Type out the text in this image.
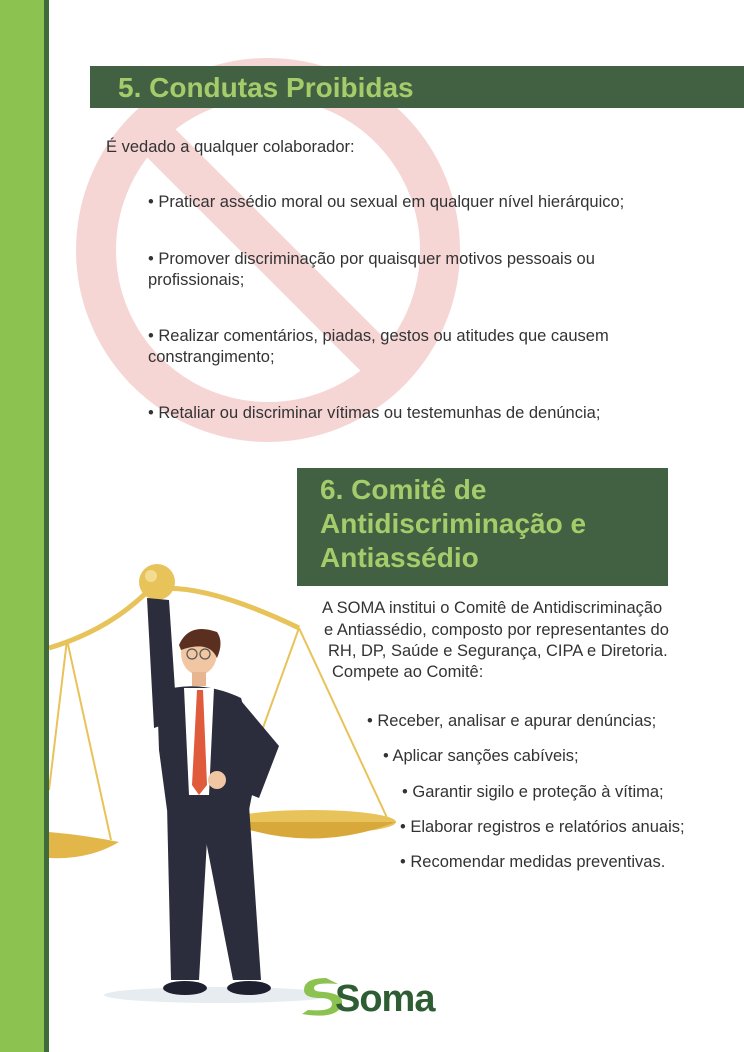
5. Condutas Proibidas
É vedado a qualquer colaborador:
• Praticar assédio moral ou sexual em qualquer nível hierárquico;
• Promover discriminação por quaisquer motivos pessoais ou
profissionais;
• Realizar comentários, piadas, gestos ou atitudes que causem
constrangimento;
• Retaliar ou discriminar vítimas ou testemunhas de denúncia;
6. Comitê de
Antidiscriminação e
Antiassédio
A SOMA institui o Comitê de Antidiscriminação
e Antiassédio, composto por representantes do
RH, DP, Saúde e Segurança, CIPA e Diretoria.
Compete ao Comitê:
• Receber, analisar e apurar denúncias;
• Aplicar sanções cabíveis;
• Garantir sigilo e proteção à vítima;
• Elaborar registros e relatórios anuais;
• Recomendar medidas preventivas.
Soma
